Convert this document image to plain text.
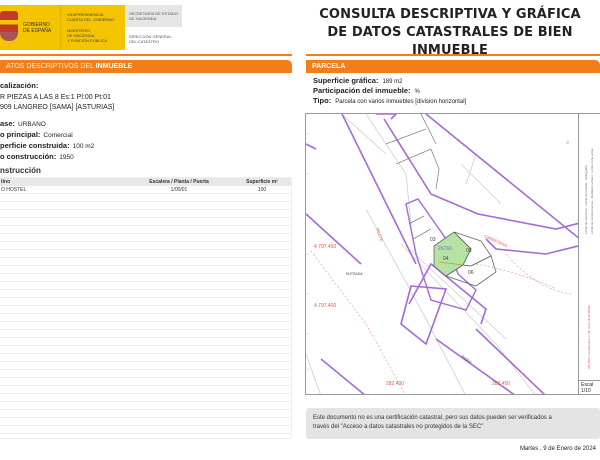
GOBIERNO
DE ESPAÑA
VICEPRESIDENCIA
CUARTA DEL GOBIERNO
MINISTERIO
DE HACIENDA
Y FUNCIÓN PÚBLICA
SECRETARÍA DE ESTADO
DE HACIENDA
DIRECCIÓN GENERAL
DEL CATASTRO
CONSULTA DESCRIPTIVA Y GRÁFICA
DE DATOS CATASTRALES DE BIEN INMUEBLE
ATOS DESCRIPTIVOS DEL INMUEBLE
calización:
R PIEZAS A LAS 8 Es:1 Pl:00 Pt:01
909 LANGREO [SAMA] [ASTURIAS]
ase: URBANO
o principal: Comercial
perficie construida: 100 m2
o construcción: 1950
nstrucción
tino	Escalera / Planta / Puerta	Superficie m²
O HOSTEL	1/00/01	100
PARCELA
Superficie gráfica: 189 m2
Participación del inmueble: %
Tipo: Parcela con varios inmuebles [division horizontal]
03
04
05
06
ENTRADA
PASEO
26760
4.797.450
4.797.400
282.400	282.450
CARRETERA
RECTE
N
Límite de manzana · Límite de parcela · Hidrografía Límite de construcciones · Mobiliario urbano · Límite zona verde
282,500 Coordenadas U.T.M. Huso 30 ETRS89
Escal
1/10
Este documento no es una certificación catastral, pero sus datos pueden ser verificados a
través del "Acceso a datos catastrales no protegidos de la SEC"
Martes , 9 de Enero de 2024
